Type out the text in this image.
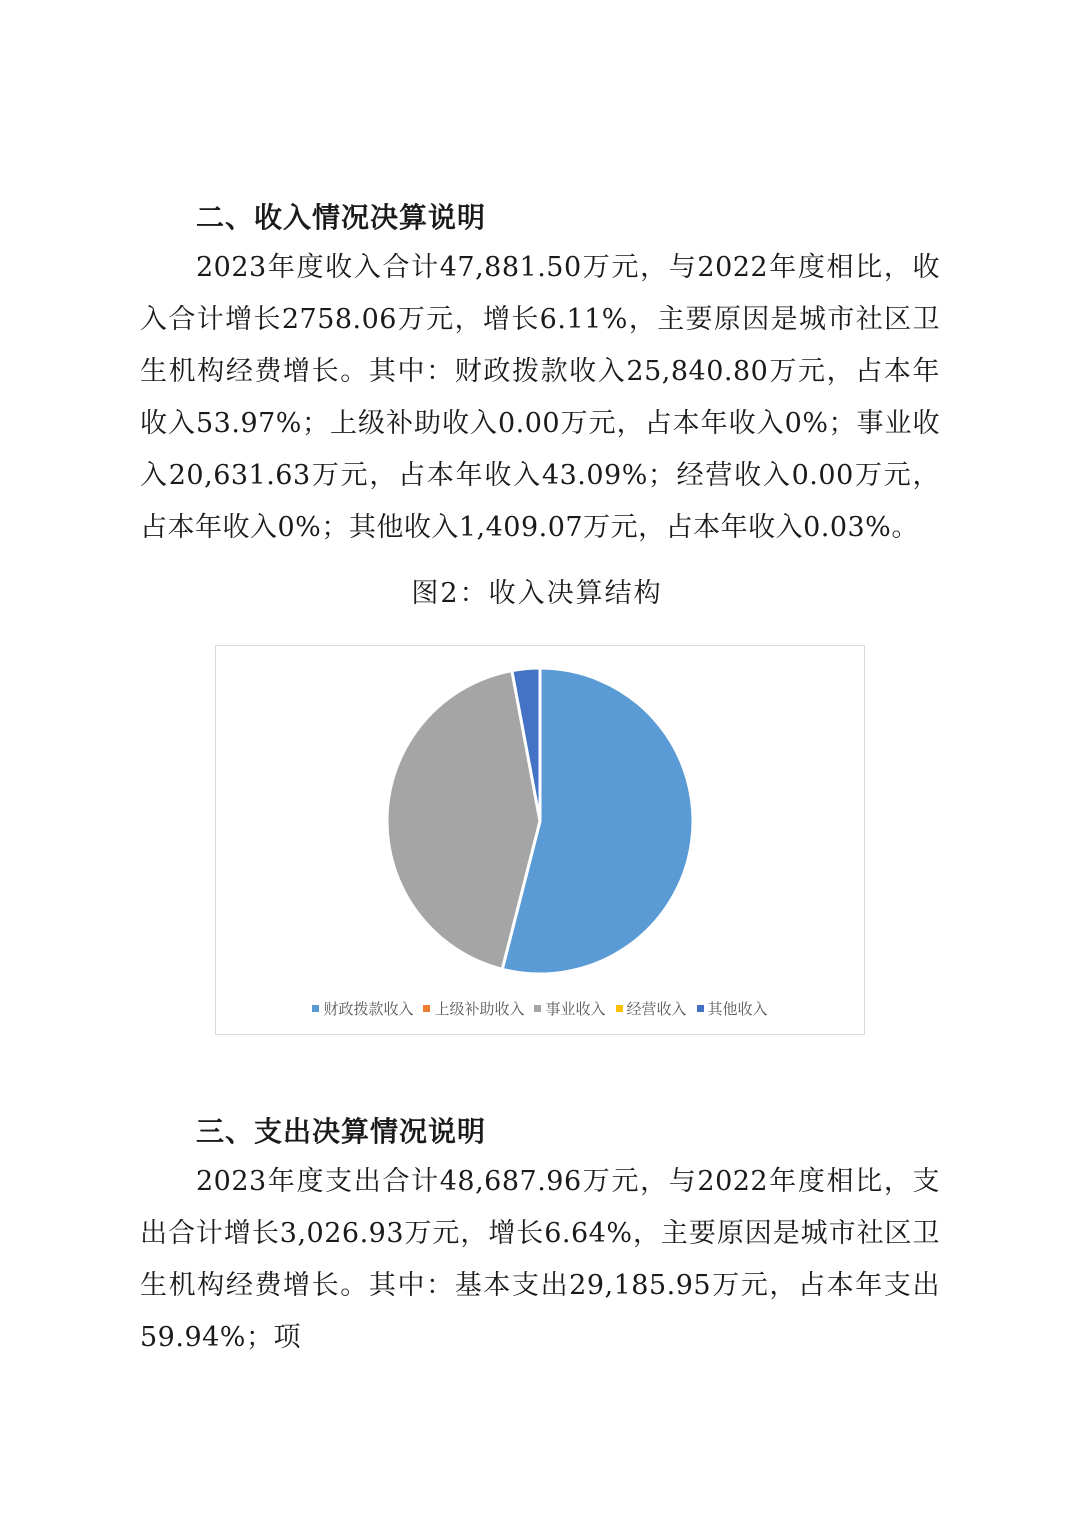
二、收入情况决算说明

2023年度收入合计47,881.50万元，与2022年度相比，收入合计增长2758.06万元，增长6.11%，主要原因是城市社区卫生机构经费增长。其中：财政拨款收入25,840.80万元，占本年收入53.97%；上级补助收入0.00万元，占本年收入0%；事业收入20,631.63万元，占本年收入43.09%；经营收入0.00万元，占本年收入0%；其他收入1,409.07万元，占本年收入0.03%。

图2：收入决算结构

财政拨款收入 上级补助收入 事业收入 经营收入 其他收入
三、支出决算情况说明

2023年度支出合计48,687.96万元，与2022年度相比，支出合计增长3,026.93万元，增长6.64%，主要原因是城市社区卫生机构经费增长。其中：基本支出29,185.95万元，占本年支出59.94%；项
